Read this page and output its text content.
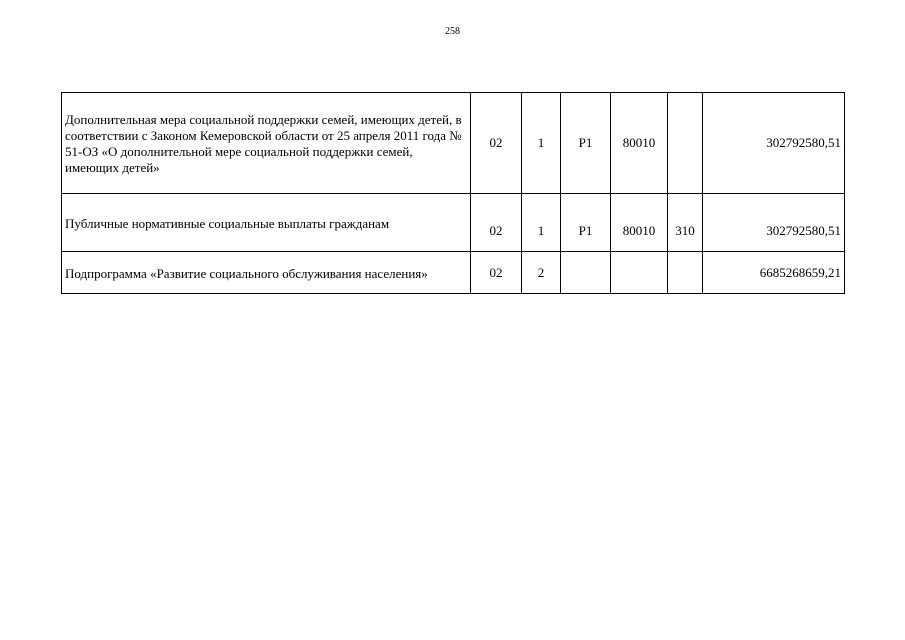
258
Дополнительная мера социальной поддержки семей, имеющих детей, в соответствии с Законом Кемеровской области от 25 апреля 2011 года № 51-ОЗ «О дополнительной мере социальной поддержки семей, имеющих детей»	02	1	P1	80010		302792580,51
Публичные нормативные социальные выплаты гражданам	02	1	P1	80010	310	302792580,51
Подпрограмма «Развитие социального обслуживания населения»	02	2				6685268659,21
